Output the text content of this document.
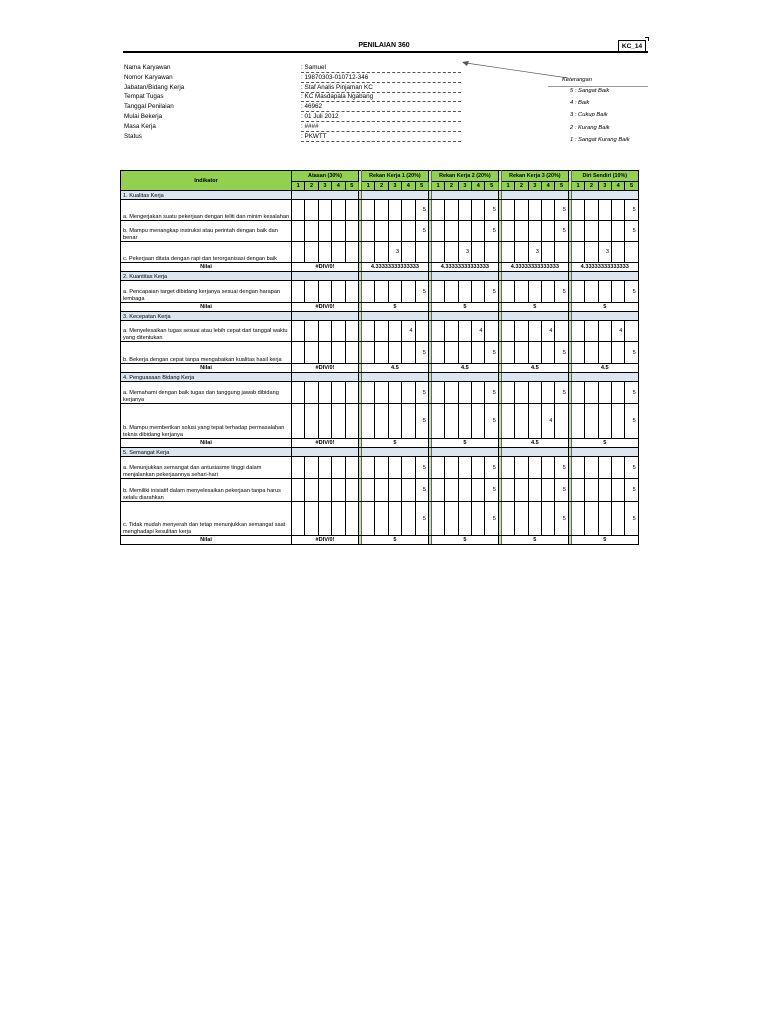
PENILAIAN 360	KC_14
Nama Karyawan	: Samuel
Nomor Karyawan	: 19870303-010712-346
Jabatan/Bidang Kerja	: Staf Analis Pinjaman KC
Tempat Tugas	: KC Masdapala Ngabang
Tanggal Penilaian	: 46962
Mulai Bekerja	: 01 Juli 2012
Masa Kerja	: ####
Status	: PKWTT
Keterangan
5 : Sangat Baik
4 : Baik
3 : Cukup Baik
2 : Kurang Baik
1 : Sangat Kurang Baik
Indikator	Atasan (30%)						Rekan Kerja 1 (20%)						Rekan Kerja 2 (20%)						Rekan Kerja 3 (20%)						Diri Sendiri (10%)				
	1	2	3	4	5		1	2	3	4	5		1	2	3	4	5		1	2	3	4	5		1	2	3	4	5
1. Kualitas Kerja																													
a. Mengerjakan suatu pekerjaan dengan teliti dan minim kesalahan											5						5						5						5
b. Mampu menangkap instruksi atau perintah dengan baik dan benar											5						5						5						5
c. Pekerjaan ditata dengan rapi dan terorganisasi dengan baik									3						3						3						3		
Nilai	#DIV/0!						4.33333333333333						4.33333333333333						4.33333333333333						4.33333333333333				
2. Kuantitas Kerja																													
a. Pencapaian target dibidang kerjanya sesuai dengan harapan lembaga											5						5						5						5
Nilai	#DIV/0!						5						5						5						5				
3. Kecepatan Kerja																													
a. Menyelesaikan tugas sesuai atau lebih cepat dari tanggal waktu yang ditentukan										4						4						4						4	
b. Bekerja dengan cepat tanpa mengabaikan kualitas hasil kerja											5						5						5						5
Nilai	#DIV/0!						4.5						4.5						4.5						4.5				
4. Penguasaan Bidang Kerja																													
a. Memahami dengan baik tugas dan tanggung jawab dibidang kerjanya											5						5						5						5
b. Mampu memberikan solusi yang tepat terhadap permasalahan teknis dibidang kerjanya											5						5					4							5
Nilai	#DIV/0!						5						5						4.5						5				
5. Semangat Kerja																													
a. Menunjukkan semangat dan antusiasme tinggi dalam menjalankan pekerjaannya sehari-hari											5						5						5						5
b. Memiliki inisiatif dalam menyelesaikan pekerjaan tanpa harus selalu diarahkan											5						5						5						5
c. Tidak mudah menyerah dan tetap menunjukkan semangat saat menghadapi kesulitan kerja											5						5						5						5
Nilai	#DIV/0!						5						5						5						5				
